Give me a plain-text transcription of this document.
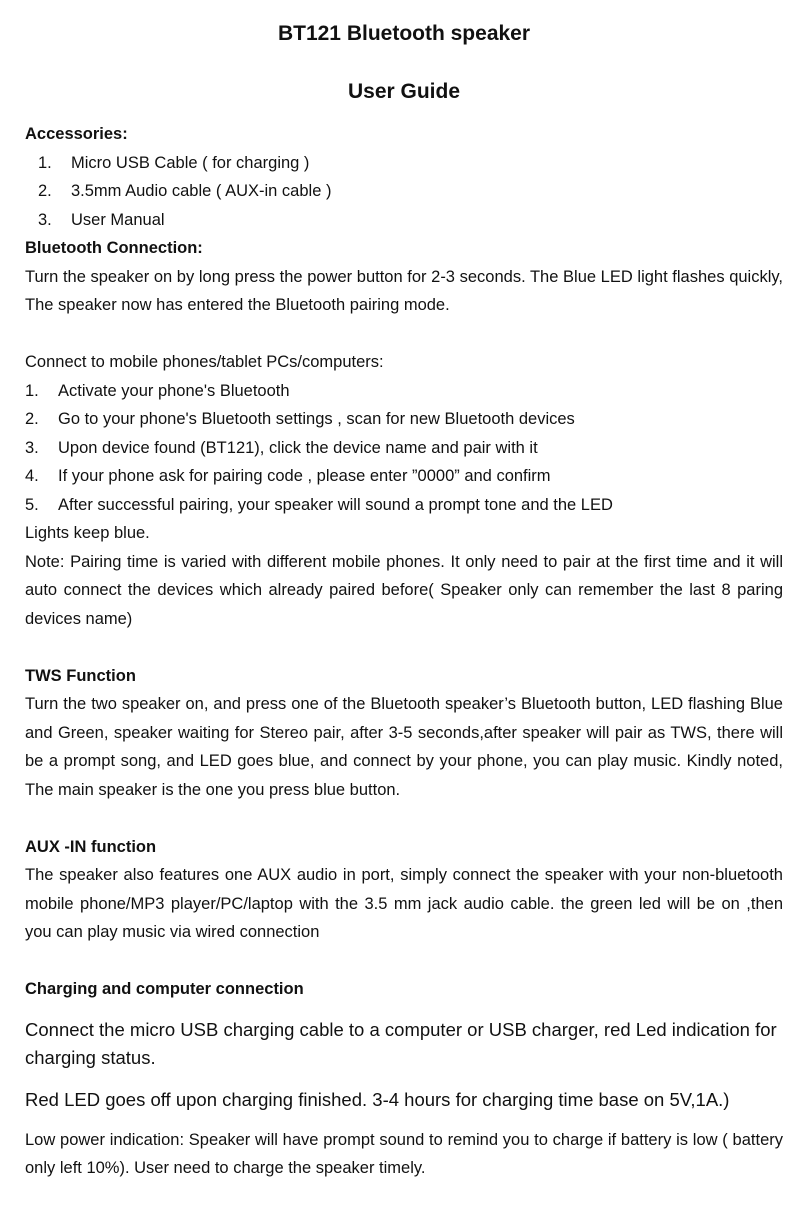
BT121 Bluetooth speaker
User Guide

Accessories:

1.	Micro USB Cable ( for charging )
2.	3.5mm Audio cable ( AUX-in cable )
3.	User Manual

Bluetooth Connection:

Turn the speaker on by long press the power button for 2-3 seconds. The Blue LED light flashes quickly, The speaker now has entered the Bluetooth pairing mode.

Connect to mobile phones/tablet PCs/computers:

1.	Activate your phone's Bluetooth
2.	Go to your phone's Bluetooth settings , scan for new Bluetooth devices
3.	Upon device found (BT121), click the device name and pair with it
4.	If your phone ask for pairing code , please enter ”0000” and confirm
5.	After successful pairing, your speaker will sound a prompt tone and the LED

Lights keep blue.

Note: Pairing time is varied with different mobile phones. It only need to pair at the first time and it will auto connect the devices which already paired before( Speaker only can remember the last 8 paring devices name)

TWS Function

Turn the two speaker on, and press one of the Bluetooth speaker’s Bluetooth button, LED flashing Blue and Green, speaker waiting for Stereo pair, after 3-5 seconds,after speaker will pair as TWS, there will be a prompt song, and LED goes blue, and connect by your phone, you can play music. Kindly noted, The main speaker is the one you press blue button.

AUX -IN function

The speaker also features one AUX audio in port, simply connect the speaker with your non-bluetooth mobile phone/MP3 player/PC/laptop with the 3.5 mm jack audio cable. the green led will be on ,then you can play music via wired connection

Charging and computer connection

Connect the micro USB charging cable to a computer or USB charger, red Led indication for charging status.

Red LED goes off upon charging finished. 3-4 hours for charging time base on 5V,1A.)

Low power indication: Speaker will have prompt sound to remind you to charge if battery is low ( battery only left 10%). User need to charge the speaker timely.
